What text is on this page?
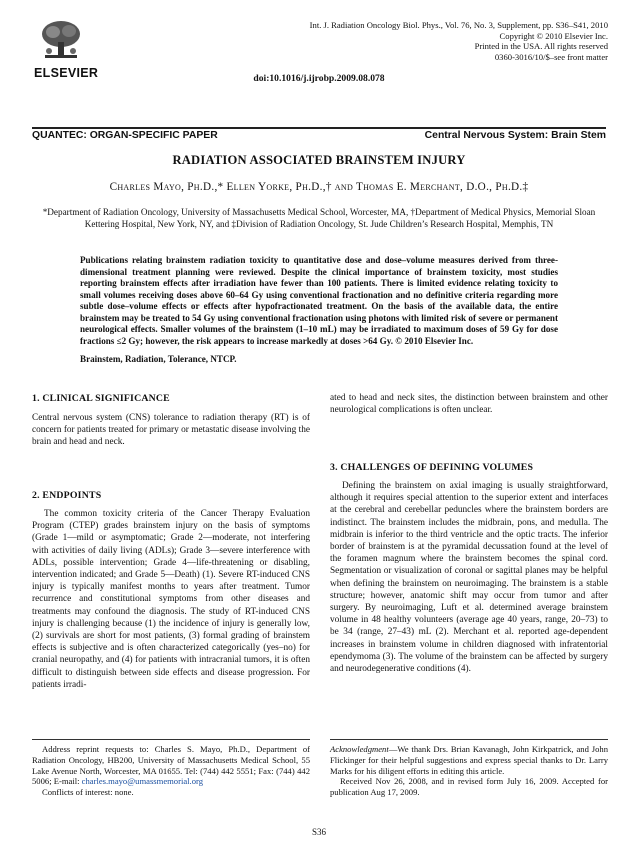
ELSEVIER
Int. J. Radiation Oncology Biol. Phys., Vol. 76, No. 3, Supplement, pp. S36–S41, 2010
Copyright © 2010 Elsevier Inc.
Printed in the USA. All rights reserved
0360-3016/10/$–see front matter
doi:10.1016/j.ijrobp.2009.08.078
QUANTEC: ORGAN-SPECIFIC PAPER	Central Nervous System: Brain Stem
RADIATION ASSOCIATED BRAINSTEM INJURY
Charles Mayo, Ph.D.,* Ellen Yorke, Ph.D.,† and Thomas E. Merchant, D.O., Ph.D.‡
*Department of Radiation Oncology, University of Massachusetts Medical School, Worcester, MA, †Department of Medical Physics, Memorial Sloan Kettering Hospital, New York, NY, and ‡Division of Radiation Oncology, St. Jude Children’s Research Hospital, Memphis, TN
Publications relating brainstem radiation toxicity to quantitative dose and dose–volume measures derived from three-dimensional treatment planning were reviewed. Despite the clinical importance of brainstem toxicity, most studies reporting brainstem effects after irradiation have fewer than 100 patients. There is limited evidence relating toxicity to small volumes receiving doses above 60–64 Gy using conventional fractionation and no definitive criteria regarding more subtle dose–volume effects or effects after hypofractionated treatment. On the basis of the available data, the entire brainstem may be treated to 54 Gy using conventional fractionation using photons with limited risk of severe or permanent neurological effects. Smaller volumes of the brainstem (1–10 mL) may be irradiated to maximum doses of 59 Gy for dose fractions ≤2 Gy; however, the risk appears to increase markedly at doses >64 Gy. © 2010 Elsevier Inc.
Brainstem, Radiation, Tolerance, NTCP.
1. CLINICAL SIGNIFICANCE

Central nervous system (CNS) tolerance to radiation therapy (RT) is of concern for patients treated for primary or metastatic disease involving the brain and head and neck.

2. ENDPOINTS

The common toxicity criteria of the Cancer Therapy Evaluation Program (CTEP) grades brainstem injury on the basis of symptoms (Grade 1—mild or asymptomatic; Grade 2—moderate, not interfering with activities of daily living (ADLs); Grade 3—severe interference with ADLs, possible intervention; Grade 4—life-threatening or disabling, intervention indicated; and Grade 5—Death) (1). Severe RT-induced CNS injury is typically manifest months to years after treatment. Tumor recurrence and constitutional symptoms from other diseases and treatments may confound the diagnosis. The study of RT-induced CNS injury is challenging because (1) the incidence of injury is generally low, (2) survivals are short for most patients, (3) formal grading of brainstem effects is subjective and is often characterized categorically (yes–no) for cranial neuropathy, and (4) for patients with intracranial tumors, it is often difficult to distinguish between side effects and disease progression. For patients irradi-

ated to head and neck sites, the distinction between brainstem and other neurological complications is often unclear.

3. CHALLENGES OF DEFINING VOLUMES

Defining the brainstem on axial imaging is usually straightforward, although it requires special attention to the superior extent and interfaces at the cerebral and cerebellar peduncles where the brainstem borders are indistinct. The brainstem includes the midbrain, pons, and medulla. The midbrain is inferior to the third ventricle and the optic tracts. The inferior border of brainstem is at the pyramidal decussation found at the level of the foramen magnum where the brainstem becomes the spinal cord. Segmentation or visualization of coronal or sagittal planes may be helpful when defining the brainstem on neuroimaging. The brainstem is a stable structure; however, anatomic shift may occur from tumor and after surgery. By neuroimaging, Luft et al. determined average brainstem volume in 48 healthy volunteers (average age 40 years, range, 20–73) to be 34 (range, 27–43) mL (2). Merchant et al. reported age-dependent increases in brainstem volume in children diagnosed with infratentorial ependymoma (3). The volume of the brainstem can be affected by surgery and neurodegenerative conditions (4).

Address reprint requests to: Charles S. Mayo, Ph.D., Department of Radiation Oncology, HB200, University of Massachusetts Medical School, 55 Lake Avenue North, Worcester, MA 01655. Tel: (744) 442 5551; Fax: (744) 442 5006; E-mail: charles.mayo@umassmemorial.org

Conflicts of interest: none.

Acknowledgment—We thank Drs. Brian Kavanagh, John Kirkpatrick, and John Flickinger for their helpful suggestions and express special thanks to Dr. Larry Marks for his diligent efforts in editing this article.

Received Nov 26, 2008, and in revised form July 16, 2009. Accepted for publication Aug 17, 2009.

S36
